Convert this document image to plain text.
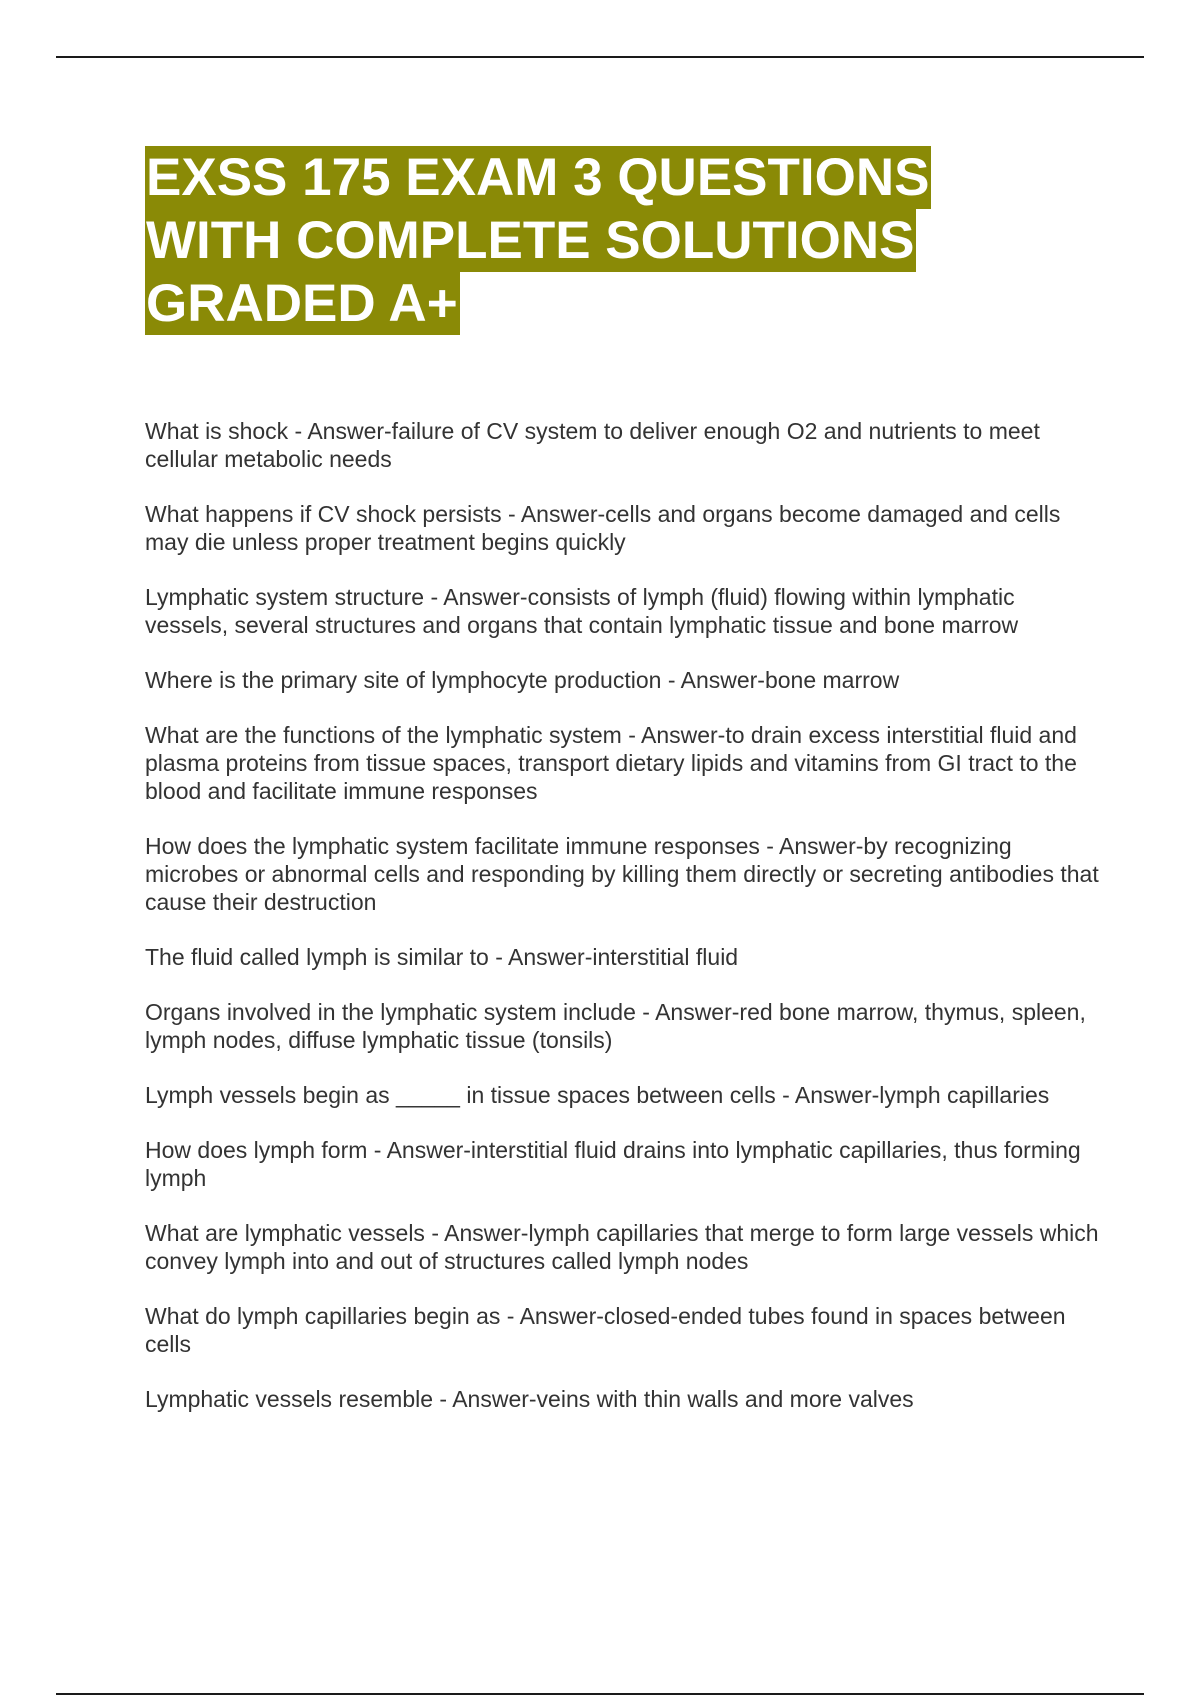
EXSS 175 EXAM 3 QUESTIONS
WITH COMPLETE SOLUTIONS
GRADED A+

What is shock - Answer-failure of CV system to deliver enough O2 and nutrients to meet cellular metabolic needs

What happens if CV shock persists - Answer-cells and organs become damaged and cells may die unless proper treatment begins quickly

Lymphatic system structure - Answer-consists of lymph (fluid) flowing within lymphatic vessels, several structures and organs that contain lymphatic tissue and bone marrow

Where is the primary site of lymphocyte production - Answer-bone marrow

What are the functions of the lymphatic system - Answer-to drain excess interstitial fluid and plasma proteins from tissue spaces, transport dietary lipids and vitamins from GI tract to the blood and facilitate immune responses

How does the lymphatic system facilitate immune responses - Answer-by recognizing microbes or abnormal cells and responding by killing them directly or secreting antibodies that cause their destruction

The fluid called lymph is similar to - Answer-interstitial fluid

Organs involved in the lymphatic system include - Answer-red bone marrow, thymus, spleen, lymph nodes, diffuse lymphatic tissue (tonsils)

Lymph vessels begin as _____ in tissue spaces between cells - Answer-lymph capillaries

How does lymph form - Answer-interstitial fluid drains into lymphatic capillaries, thus forming lymph

What are lymphatic vessels - Answer-lymph capillaries that merge to form large vessels which convey lymph into and out of structures called lymph nodes

What do lymph capillaries begin as - Answer-closed-ended tubes found in spaces between cells

Lymphatic vessels resemble - Answer-veins with thin walls and more valves
